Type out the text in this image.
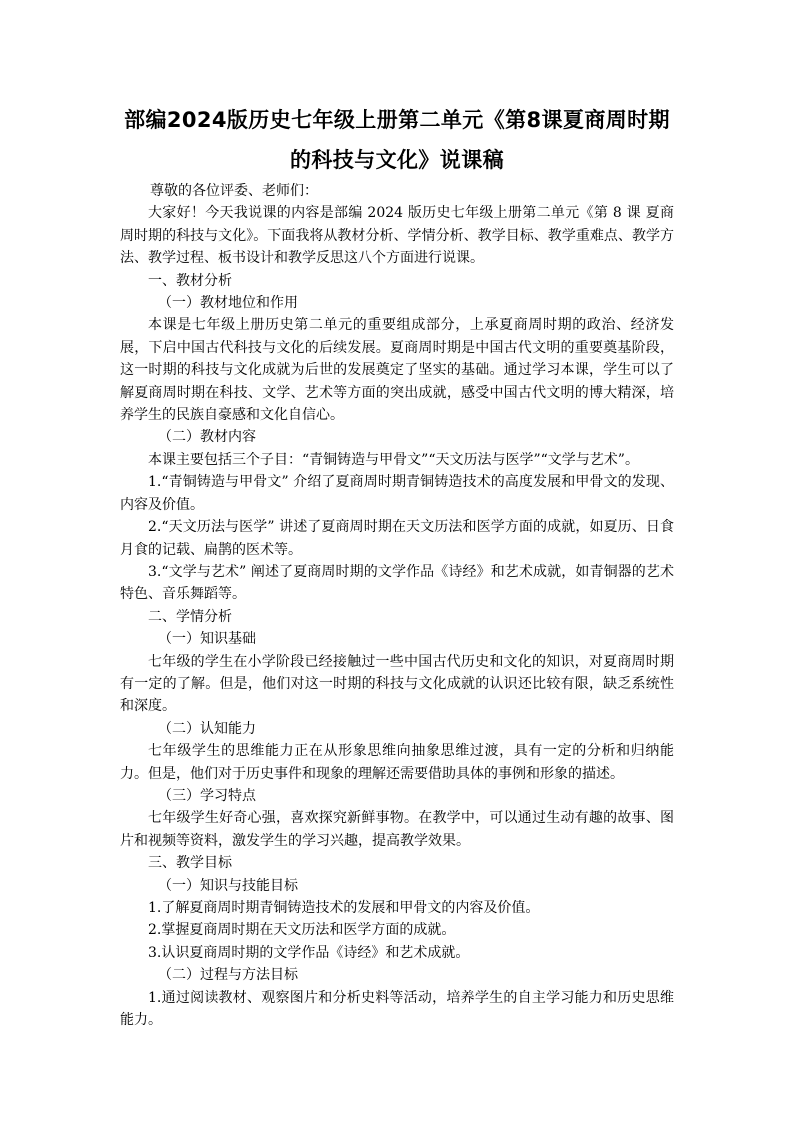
部编2024版历史七年级上册第二单元《第8课夏商周时期的科技与文化》说课稿

尊敬的各位评委、老师们：

大家好！今天我说课的内容是部编 2024 版历史七年级上册第二单元《第 8 课 夏商周时期的科技与文化》。下面我将从教材分析、学情分析、教学目标、教学重难点、教学方法、教学过程、板书设计和教学反思这八个方面进行说课。

一、教材分析

（一）教材地位和作用

本课是七年级上册历史第二单元的重要组成部分，上承夏商周时期的政治、经济发展，下启中国古代科技与文化的后续发展。夏商周时期是中国古代文明的重要奠基阶段，这一时期的科技与文化成就为后世的发展奠定了坚实的基础。通过学习本课，学生可以了解夏商周时期在科技、文学、艺术等方面的突出成就，感受中国古代文明的博大精深，培养学生的民族自豪感和文化自信心。

（二）教材内容

本课主要包括三个子目：“青铜铸造与甲骨文”“天文历法与医学”“文学与艺术”。

1.“青铜铸造与甲骨文” 介绍了夏商周时期青铜铸造技术的高度发展和甲骨文的发现、内容及价值。

2.“天文历法与医学” 讲述了夏商周时期在天文历法和医学方面的成就，如夏历、日食月食的记载、扁鹊的医术等。

3.“文学与艺术” 阐述了夏商周时期的文学作品《诗经》和艺术成就，如青铜器的艺术特色、音乐舞蹈等。

二、学情分析

（一）知识基础

七年级的学生在小学阶段已经接触过一些中国古代历史和文化的知识，对夏商周时期有一定的了解。但是，他们对这一时期的科技与文化成就的认识还比较有限，缺乏系统性和深度。

（二）认知能力

七年级学生的思维能力正在从形象思维向抽象思维过渡，具有一定的分析和归纳能力。但是，他们对于历史事件和现象的理解还需要借助具体的事例和形象的描述。

（三）学习特点

七年级学生好奇心强，喜欢探究新鲜事物。在教学中，可以通过生动有趣的故事、图片和视频等资料，激发学生的学习兴趣，提高教学效果。

三、教学目标

（一）知识与技能目标

1.了解夏商周时期青铜铸造技术的发展和甲骨文的内容及价值。

2.掌握夏商周时期在天文历法和医学方面的成就。

3.认识夏商周时期的文学作品《诗经》和艺术成就。

（二）过程与方法目标

1.通过阅读教材、观察图片和分析史料等活动，培养学生的自主学习能力和历史思维能力。
